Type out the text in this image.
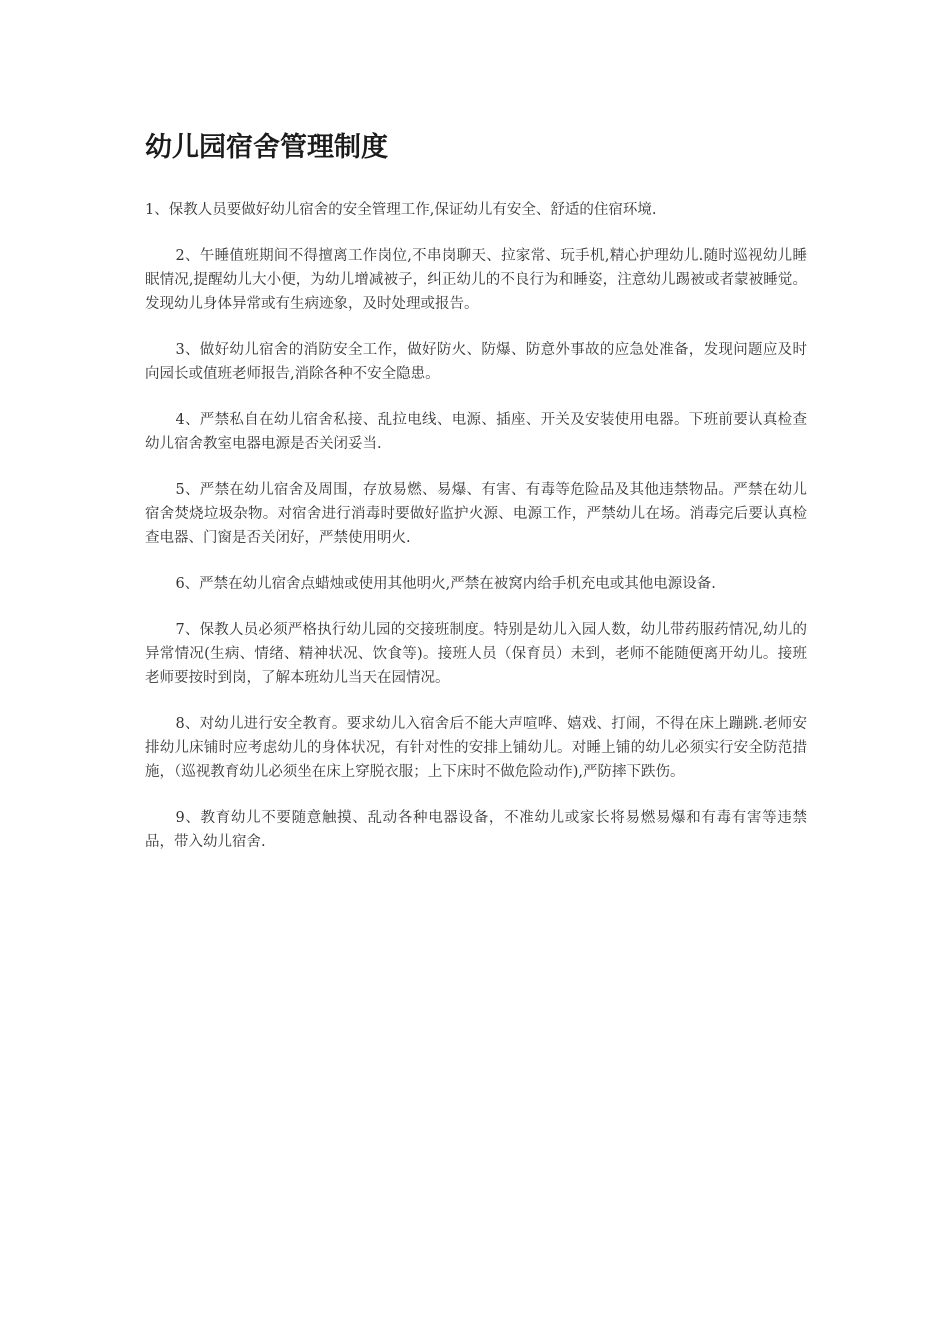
幼儿园宿舍管理制度

1、保教人员要做好幼儿宿舍的安全管理工作,保证幼儿有安全、舒适的住宿环境.

2、午睡值班期间不得擅离工作岗位,不串岗聊天、拉家常、玩手机,精心护理幼儿.随时巡视幼儿睡眠情况,提醒幼儿大小便，为幼儿增减被子，纠正幼儿的不良行为和睡姿，注意幼儿踢被或者蒙被睡觉。发现幼儿身体异常或有生病迹象，及时处理或报告。

3、做好幼儿宿舍的消防安全工作，做好防火、防爆、防意外事故的应急处准备，发现问题应及时向园长或值班老师报告,消除各种不安全隐患。

4、严禁私自在幼儿宿舍私接、乱拉电线、电源、插座、开关及安装使用电器。下班前要认真检查幼儿宿舍教室电器电源是否关闭妥当.

5、严禁在幼儿宿舍及周围，存放易燃、易爆、有害、有毒等危险品及其他违禁物品。严禁在幼儿宿舍焚烧垃圾杂物。对宿舍进行消毒时要做好监护火源、电源工作，严禁幼儿在场。消毒完后要认真检查电器、门窗是否关闭好，严禁使用明火.

6、严禁在幼儿宿舍点蜡烛或使用其他明火,严禁在被窝内给手机充电或其他电源设备.

7、保教人员必须严格执行幼儿园的交接班制度。特别是幼儿入园人数，幼儿带药服药情况,幼儿的异常情况(生病、情绪、精神状况、饮食等)。接班人员（保育员）未到，老师不能随便离开幼儿。接班老师要按时到岗，了解本班幼儿当天在园情况。

8、对幼儿进行安全教育。要求幼儿入宿舍后不能大声喧哗、嬉戏、打闹，不得在床上蹦跳.老师安排幼儿床铺时应考虑幼儿的身体状况，有针对性的安排上铺幼儿。对睡上铺的幼儿必须实行安全防范措施，（巡视教育幼儿必须坐在床上穿脱衣服；上下床时不做危险动作),严防摔下跌伤。

9、教育幼儿不要随意触摸、乱动各种电器设备，不准幼儿或家长将易燃易爆和有毒有害等违禁品，带入幼儿宿舍.
